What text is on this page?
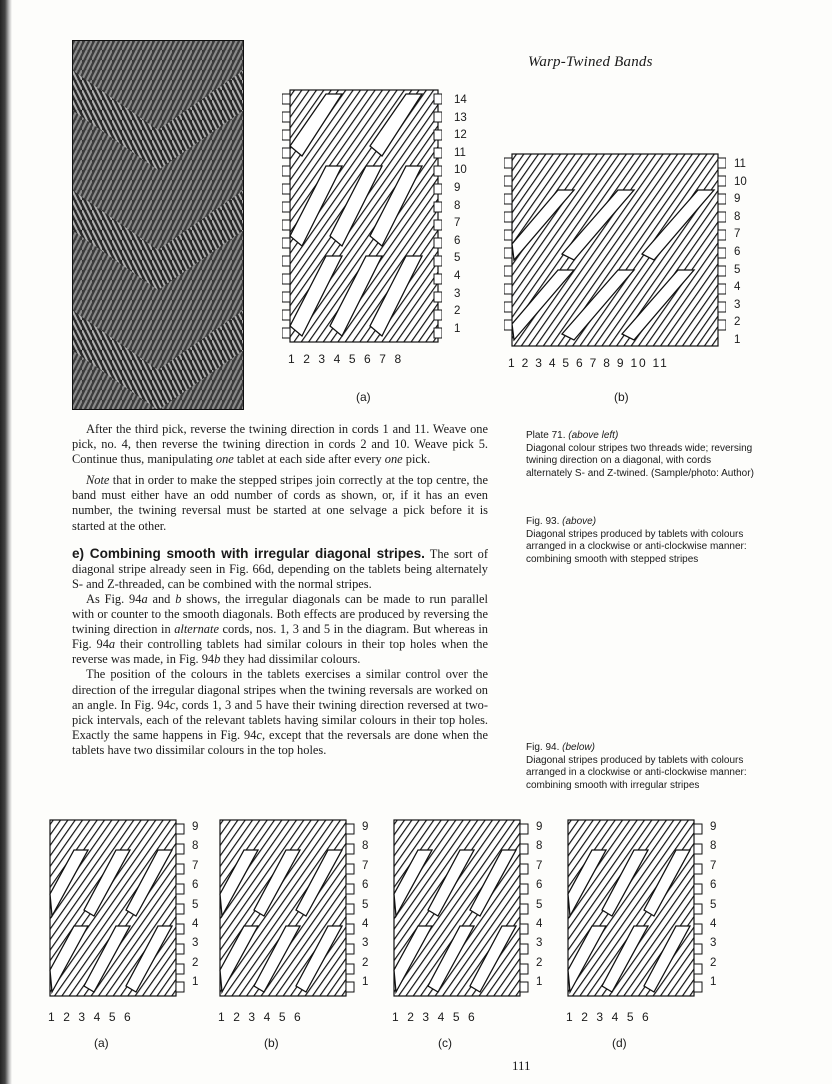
Warp-Twined Bands
14
13
12
11
10
9
8
7
6
5
4
3
2
1
1 2 3 4 5 6 7 8
(a)
11
10
9
8
7
6
5
4
3
2
1
1 2 3 4 5 6 7 8 9 10 11
(b)
Plate 71. (above left)
Diagonal colour stripes two threads wide; reversing twining direction on a diagonal, with cords alternately S- and Z-twined. (Sample/photo: Author)
Fig. 93. (above)
Diagonal stripes produced by tablets with colours arranged in a clockwise or anti-clockwise manner: combining smooth with stepped stripes
Fig. 94. (below)
Diagonal stripes produced by tablets with colours arranged in a clockwise or anti-clockwise manner: combining smooth with irregular stripes

After the third pick, reverse the twining direction in cords 1 and 11. Weave one pick, no. 4, then reverse the twining direction in cords 2 and 10. Weave pick 5. Continue thus, manipulating one tablet at each side after every one pick.

Note that in order to make the stepped stripes join correctly at the top centre, the band must either have an odd number of cords as shown, or, if it has an even number, the twining reversal must be started at one selvage a pick before it is started at the other.

e) Combining smooth with irregular diagonal stripes. The sort of diagonal stripe already seen in Fig. 66d, depending on the tablets being alternately S- and Z-threaded, can be combined with the normal stripes.

As Fig. 94a and b shows, the irregular diagonals can be made to run parallel with or counter to the smooth diagonals. Both effects are produced by reversing the twining direction in alternate cords, nos. 1, 3 and 5 in the diagram. But whereas in Fig. 94a their controlling tablets had similar colours in their top holes when the reverse was made, in Fig. 94b they had dissimilar colours.

The position of the colours in the tablets exercises a similar control over the direction of the irregular diagonal stripes when the twining reversals are worked on an angle. In Fig. 94c, cords 1, 3 and 5 have their twining direction reversed at two-pick intervals, each of the relevant tablets having similar colours in their top holes. Exactly the same happens in Fig. 94c, except that the reversals are done when the tablets have two dissimilar colours in the top holes.

9
8
7
6
5
4
3
2
1
1 2 3 4 5 6
(a)
9
8
7
6
5
4
3
2
1
1 2 3 4 5 6
(b)
9
8
7
6
5
4
3
2
1
1 2 3 4 5 6
(c)
9
8
7
6
5
4
3
2
1
1 2 3 4 5 6
(d)
111
